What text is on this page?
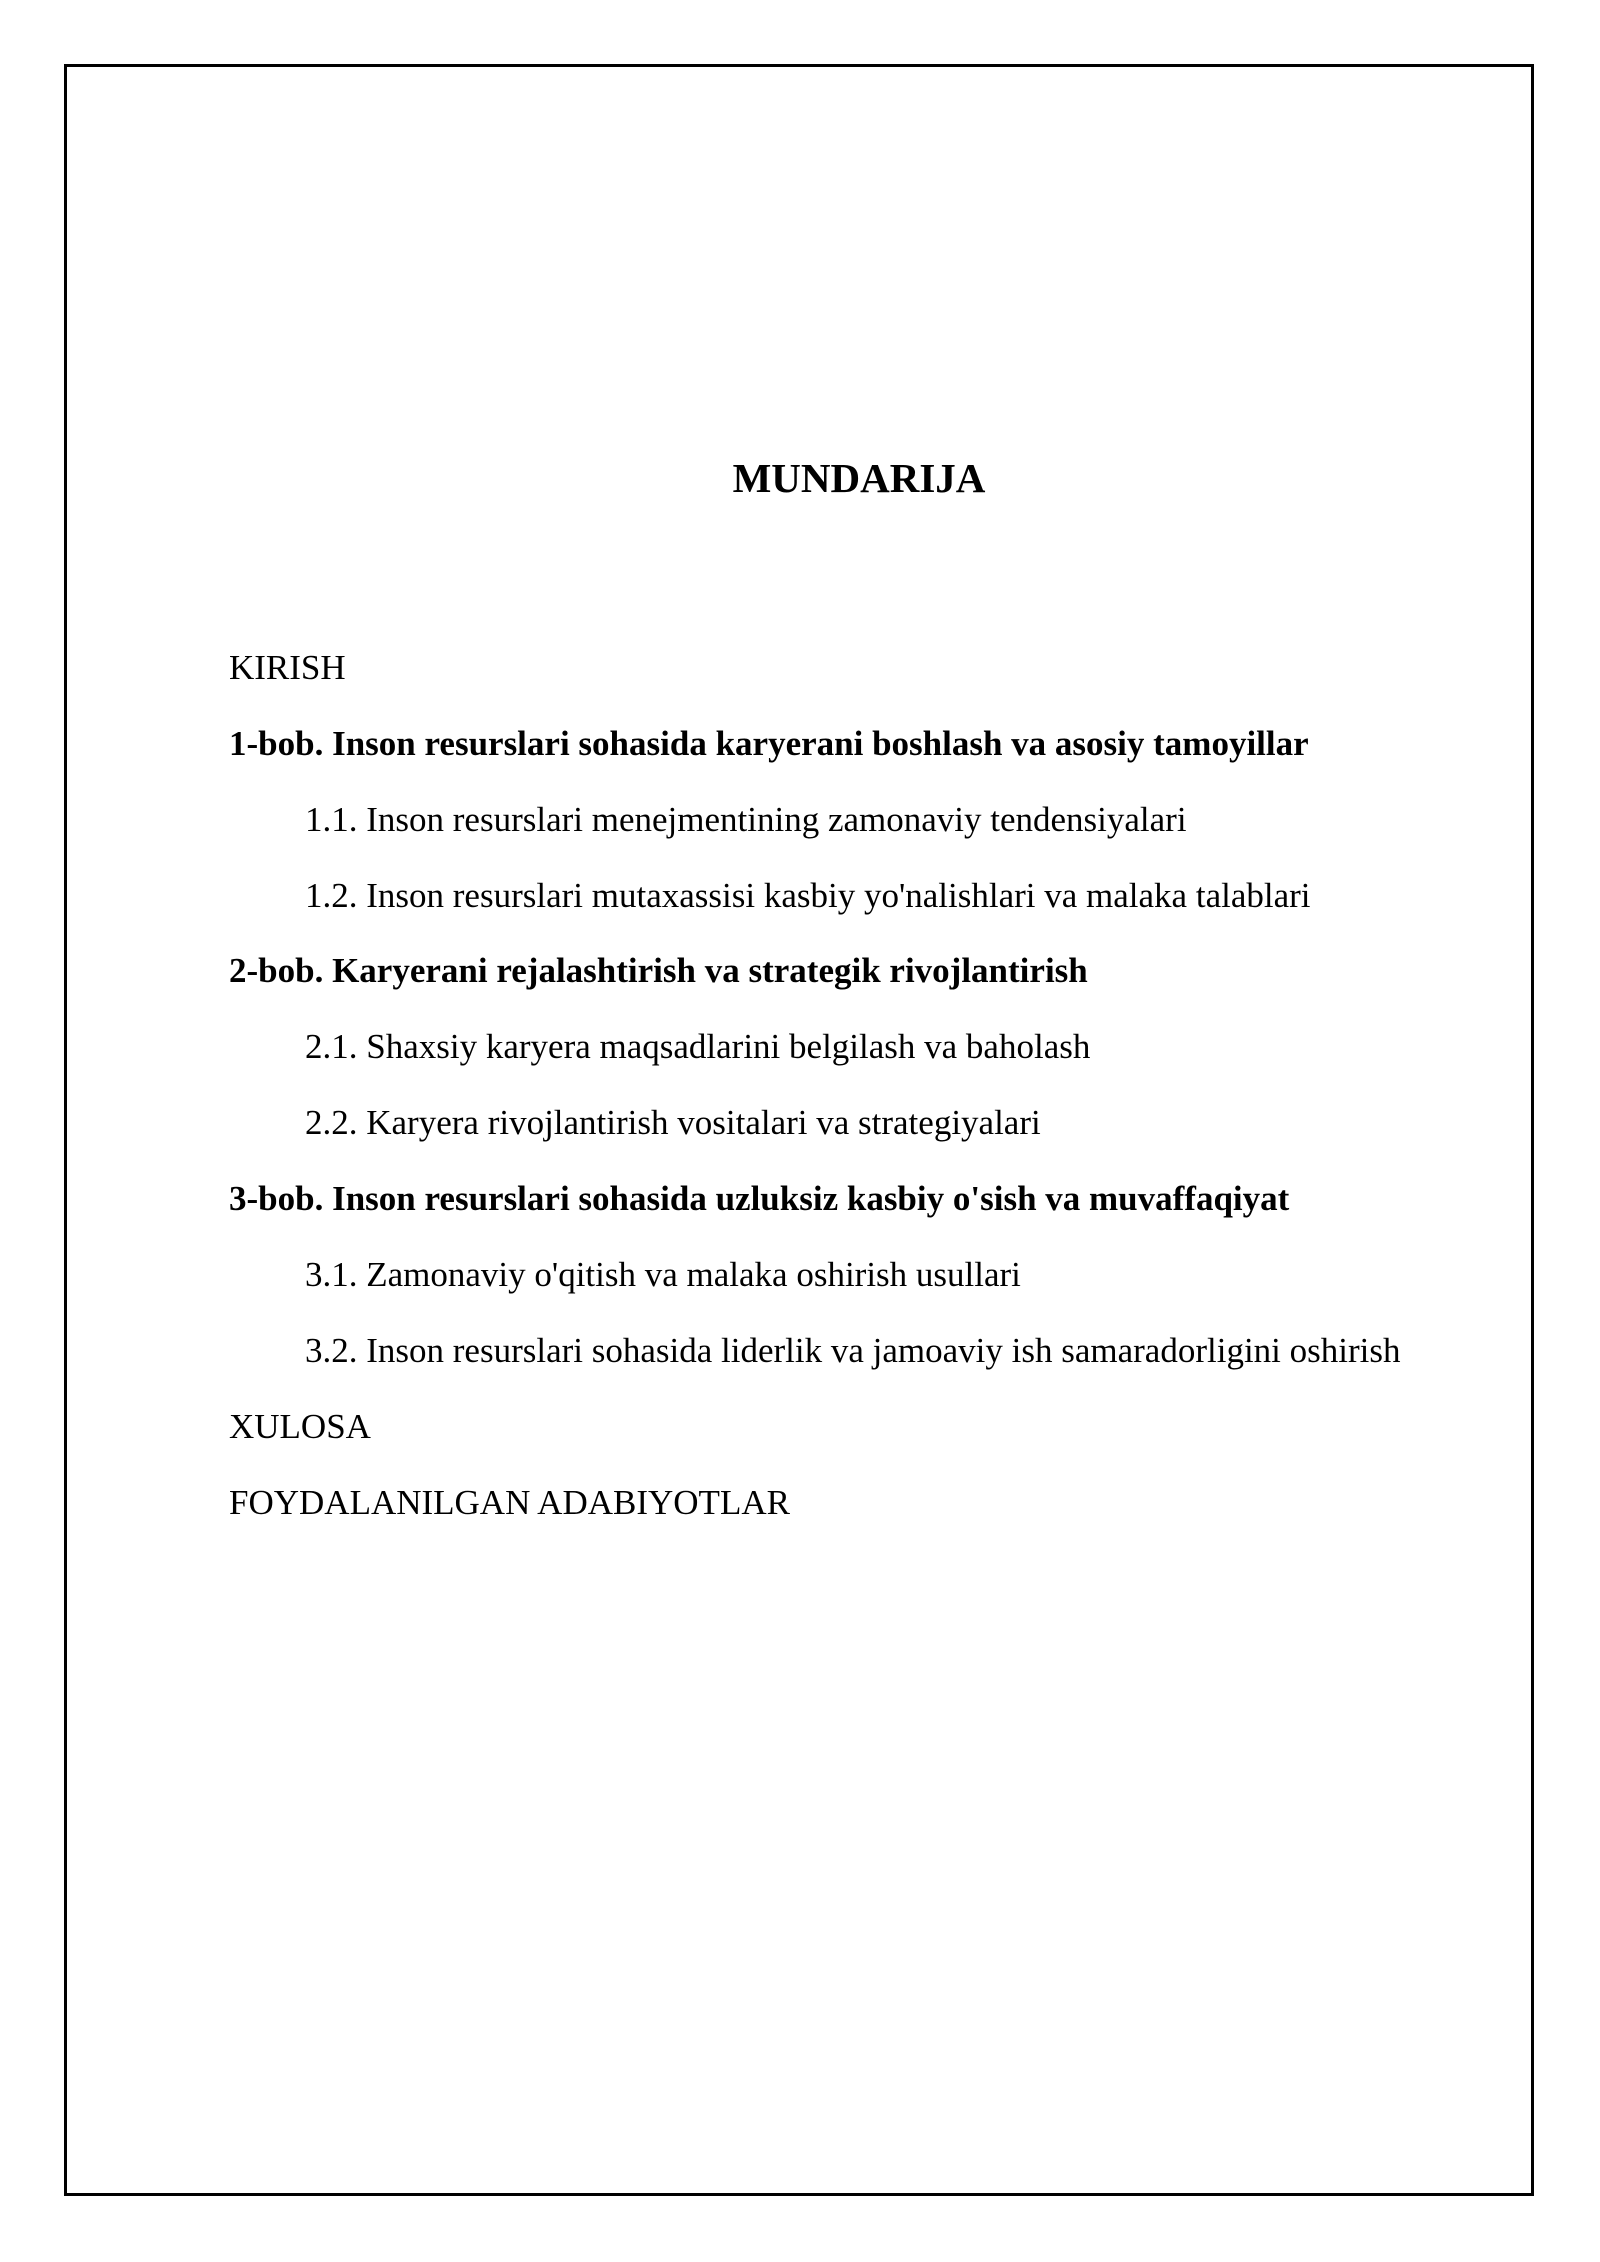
MUNDARIJA
KIRISH
1-bob. Inson resurslari sohasida karyerani boshlash va asosiy tamoyillar
1.1. Inson resurslari menejmentining zamonaviy tendensiyalari
1.2. Inson resurslari mutaxassisi kasbiy yo'nalishlari va malaka talablari
2-bob. Karyerani rejalashtirish va strategik rivojlantirish
2.1. Shaxsiy karyera maqsadlarini belgilash va baholash
2.2. Karyera rivojlantirish vositalari va strategiyalari
3-bob. Inson resurslari sohasida uzluksiz kasbiy o'sish va muvaffaqiyat
3.1. Zamonaviy o'qitish va malaka oshirish usullari
3.2. Inson resurslari sohasida liderlik va jamoaviy ish samaradorligini oshirish
XULOSA
FOYDALANILGAN ADABIYOTLAR
